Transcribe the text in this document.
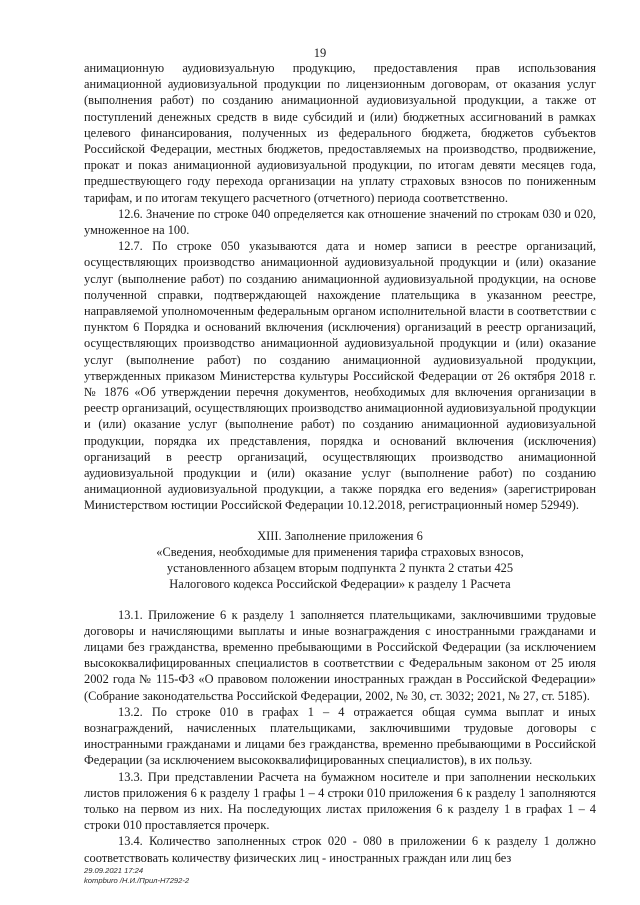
19

анимационную аудиовизуальную продукцию, предоставления прав использования анимационной аудиовизуальной продукции по лицензионным договорам, от оказания услуг (выполнения работ) по созданию анимационной аудиовизуальной продукции, а также от поступлений денежных средств в виде субсидий и (или) бюджетных ассигнований в рамках целевого финансирования, полученных из федерального бюджета, бюджетов субъектов Российской Федерации, местных бюджетов, предоставляемых на производство, продвижение, прокат и показ анимационной аудиовизуальной продукции, по итогам девяти месяцев года, предшествующего году перехода организации на уплату страховых взносов по пониженным тарифам, и по итогам текущего расчетного (отчетного) периода соответственно.

12.6. Значение по строке 040 определяется как отношение значений по строкам 030 и 020, умноженное на 100.

12.7. По строке 050 указываются дата и номер записи в реестре организаций, осуществляющих производство анимационной аудиовизуальной продукции и (или) оказание услуг (выполнение работ) по созданию анимационной аудиовизуальной продукции, на основе полученной справки, подтверждающей нахождение плательщика в указанном реестре, направляемой уполномоченным федеральным органом исполнительной власти в соответствии с пунктом 6 Порядка и оснований включения (исключения) организаций в реестр организаций, осуществляющих производство анимационной аудиовизуальной продукции и (или) оказание услуг (выполнение работ) по созданию анимационной аудиовизуальной продукции, утвержденных приказом Министерства культуры Российской Федерации от 26 октября 2018 г. № 1876 «Об утверждении перечня документов, необходимых для включения организации в реестр организаций, осуществляющих производство анимационной аудиовизуальной продукции и (или) оказание услуг (выполнение работ) по созданию анимационной аудиовизуальной продукции, порядка их представления, порядка и оснований включения (исключения) организаций в реестр организаций, осуществляющих производство анимационной аудиовизуальной продукции и (или) оказание услуг (выполнение работ) по созданию анимационной аудиовизуальной продукции, а также порядка его ведения» (зарегистрирован Министерством юстиции Российской Федерации 10.12.2018, регистрационный номер 52949).

XIII. Заполнение приложения 6
«Сведения, необходимые для применения тарифа страховых взносов,
установленного абзацем вторым подпункта 2 пункта 2 статьи 425
Налогового кодекса Российской Федерации» к разделу 1 Расчета

13.1. Приложение 6 к разделу 1 заполняется плательщиками, заключившими трудовые договоры и начисляющими выплаты и иные вознаграждения с иностранными гражданами и лицами без гражданства, временно пребывающими в Российской Федерации (за исключением высококвалифицированных специалистов в соответствии с Федеральным законом от 25 июля 2002 года № 115-ФЗ «О правовом положении иностранных граждан в Российской Федерации» (Собрание законодательства Российской Федерации, 2002, № 30, ст. 3032; 2021, № 27, ст. 5185).

13.2. По строке 010 в графах 1 – 4 отражается общая сумма выплат и иных вознаграждений, начисленных плательщиками, заключившими трудовые договоры с иностранными гражданами и лицами без гражданства, временно пребывающими в Российской Федерации (за исключением высококвалифицированных специалистов), в их пользу.

13.3. При представлении Расчета на бумажном носителе и при заполнении нескольких листов приложения 6 к разделу 1 графы 1 – 4 строки 010 приложения 6 к разделу 1 заполняются только на первом из них. На последующих листах приложения 6 к разделу 1 в графах 1 – 4 строки 010 проставляется прочерк.

13.4. Количество заполненных строк 020 - 080 в приложении 6 к разделу 1 должно соответствовать количеству физических лиц - иностранных граждан или лиц без

29.09.2021 17:24
kompburo /Н.И./Прил-Н7292-2
